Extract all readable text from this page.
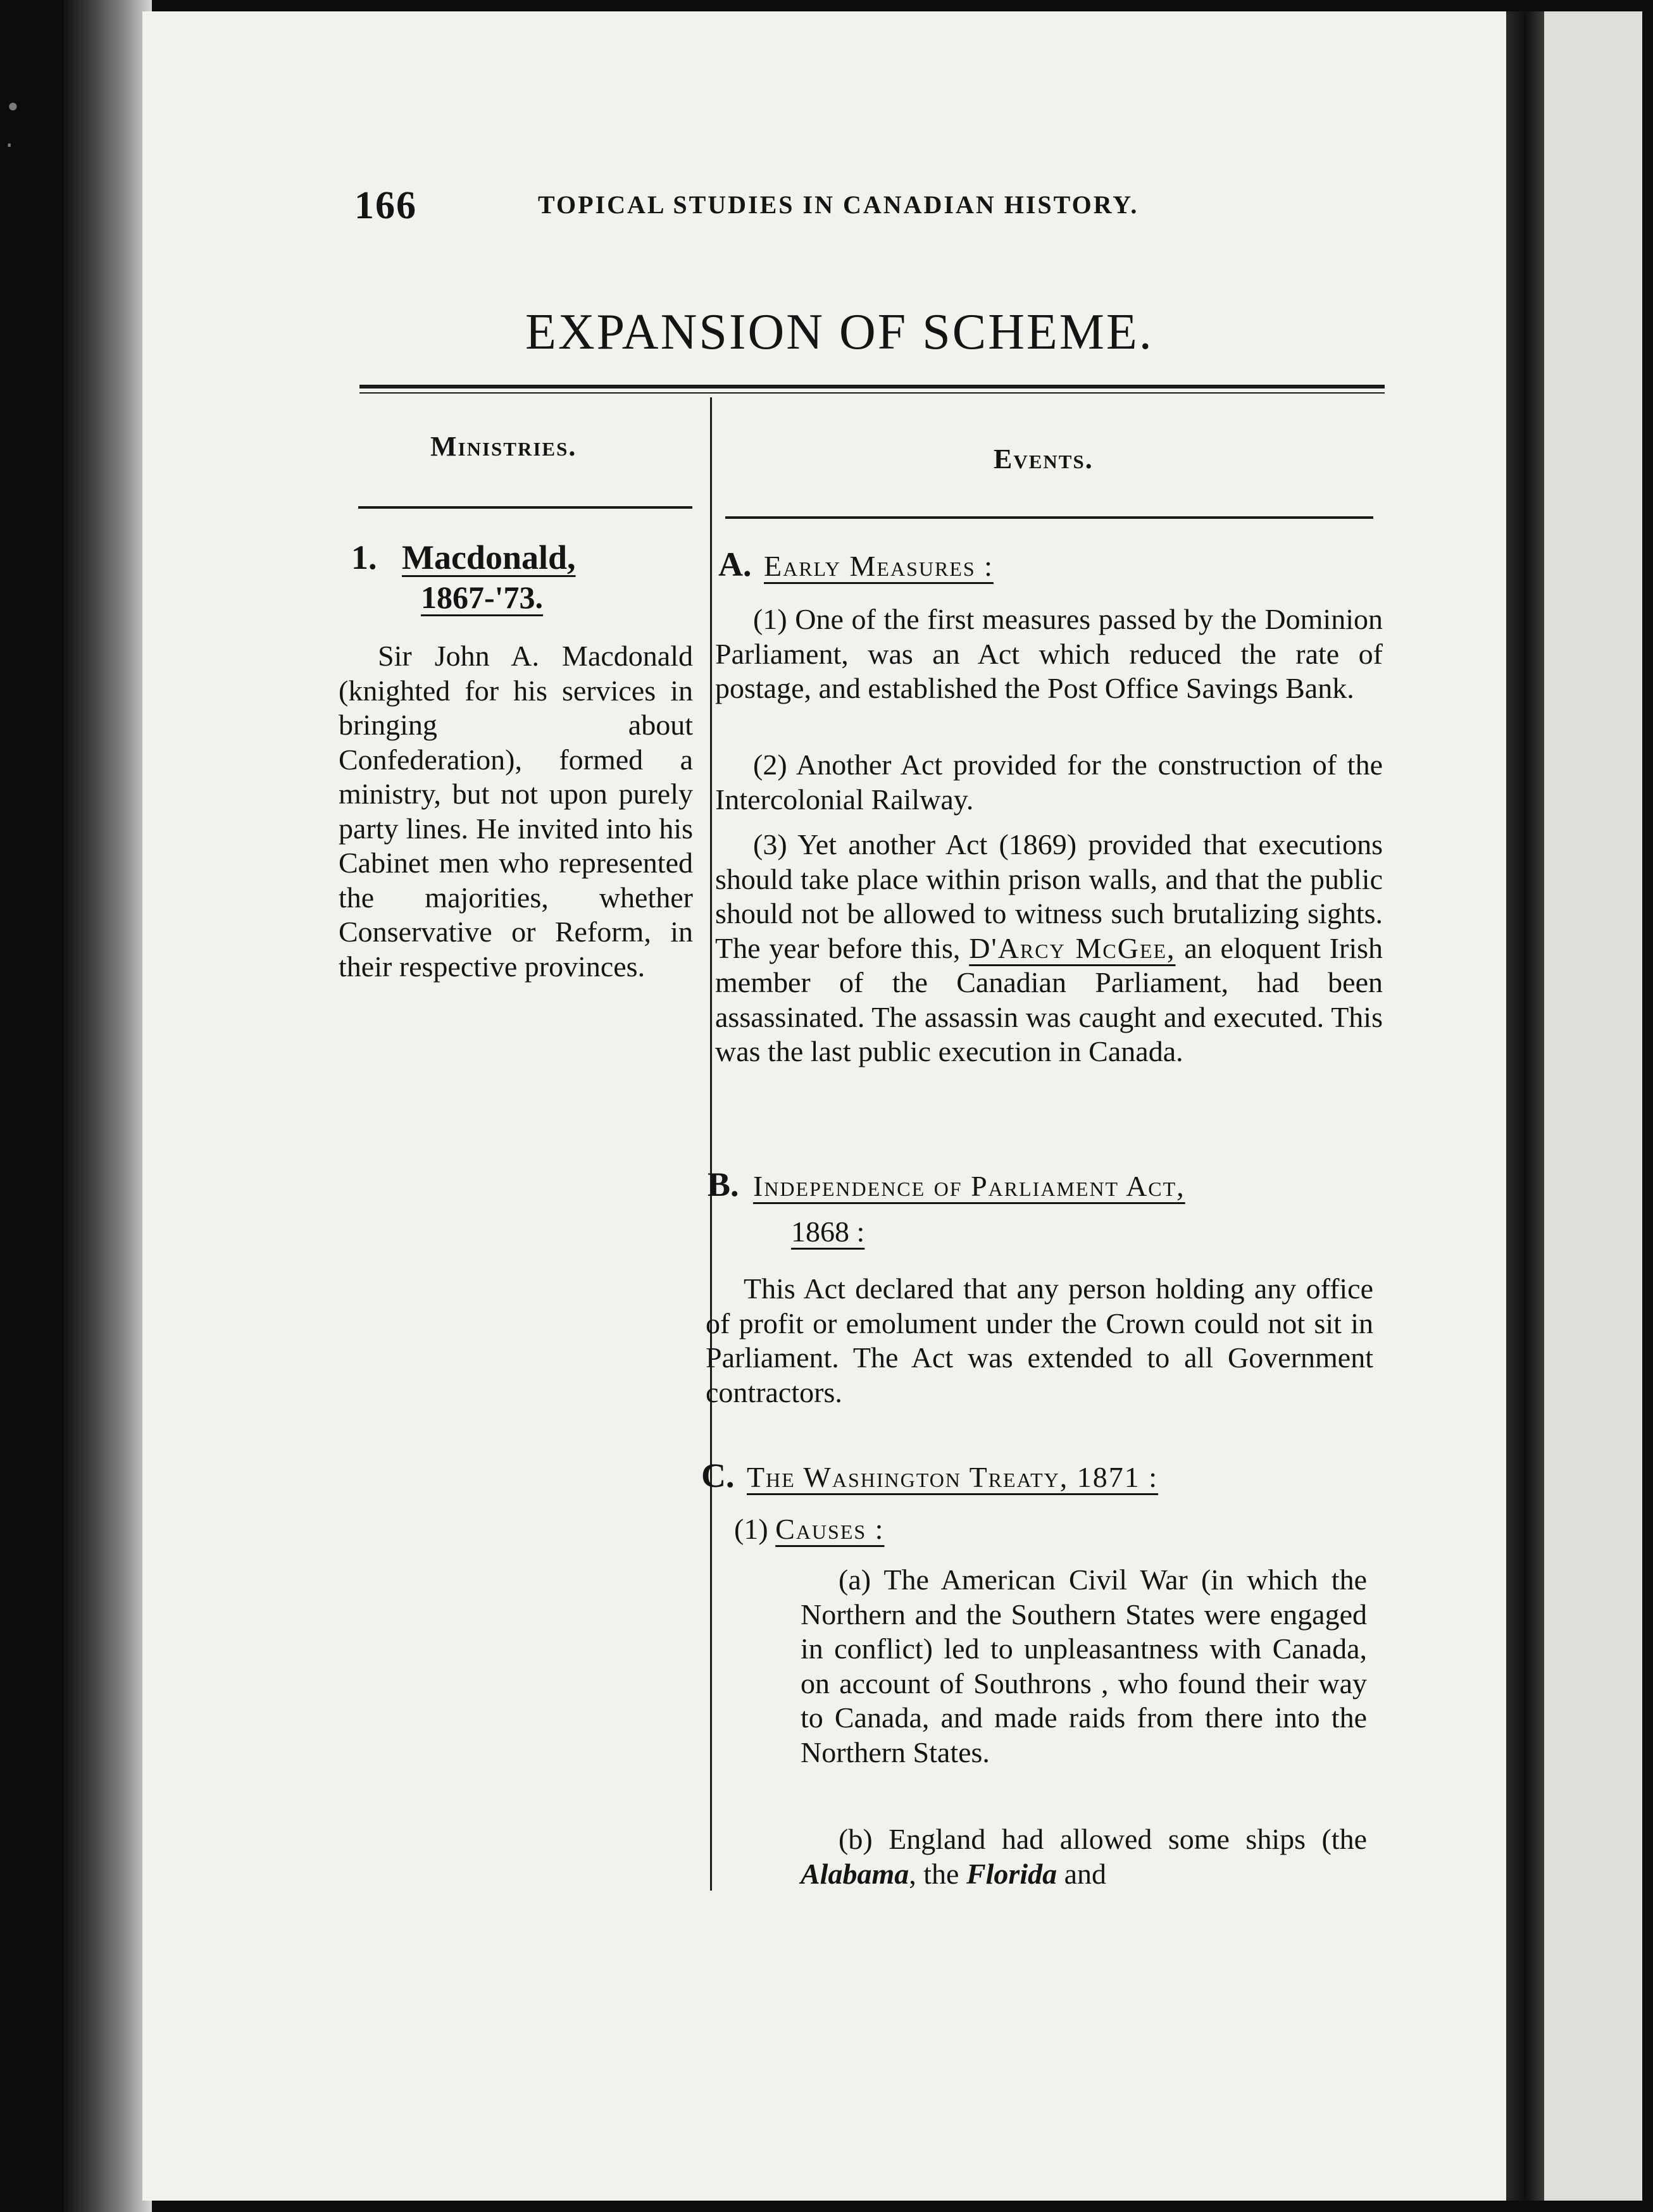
•
·
166	TOPICAL STUDIES IN CANADIAN HISTORY.
EXPANSION OF SCHEME.
Ministries.	Events.
1. Macdonald,
1867-'73.
Sir John A. Macdonald (knighted for his services in bringing about Confederation), formed a ministry, but not upon purely party lines. He invited into his Cabinet men who represented the majorities, whether Conservative or Reform, in their respective provinces.
A. Early Measures :
(1) One of the first measures passed by the Dominion Parliament, was an Act which reduced the rate of postage, and established the Post Office Savings Bank.
(2) Another Act provided for the construction of the Intercolonial Railway.
(3) Yet another Act (1869) provided that executions should take place within prison walls, and that the public should not be allowed to witness such brutalizing sights. The year before this, D'Arcy McGee, an eloquent Irish member of the Canadian Parliament, had been assassinated. The assassin was caught and executed. This was the last public execution in Canada.
B. Independence of Parliament Act,
1868 :
This Act declared that any person holding any office of profit or emolument under the Crown could not sit in Parliament. The Act was extended to all Government contractors.
C. The Washington Treaty, 1871 :
(1) Causes :
(a) The American Civil War (in which the Northern and the Southern States were engaged in conflict) led to unpleasantness with Canada, on account of Southrons , who found their way to Canada, and made raids from there into the Northern States.
(b) England had allowed some ships (the Alabama, the Florida and
